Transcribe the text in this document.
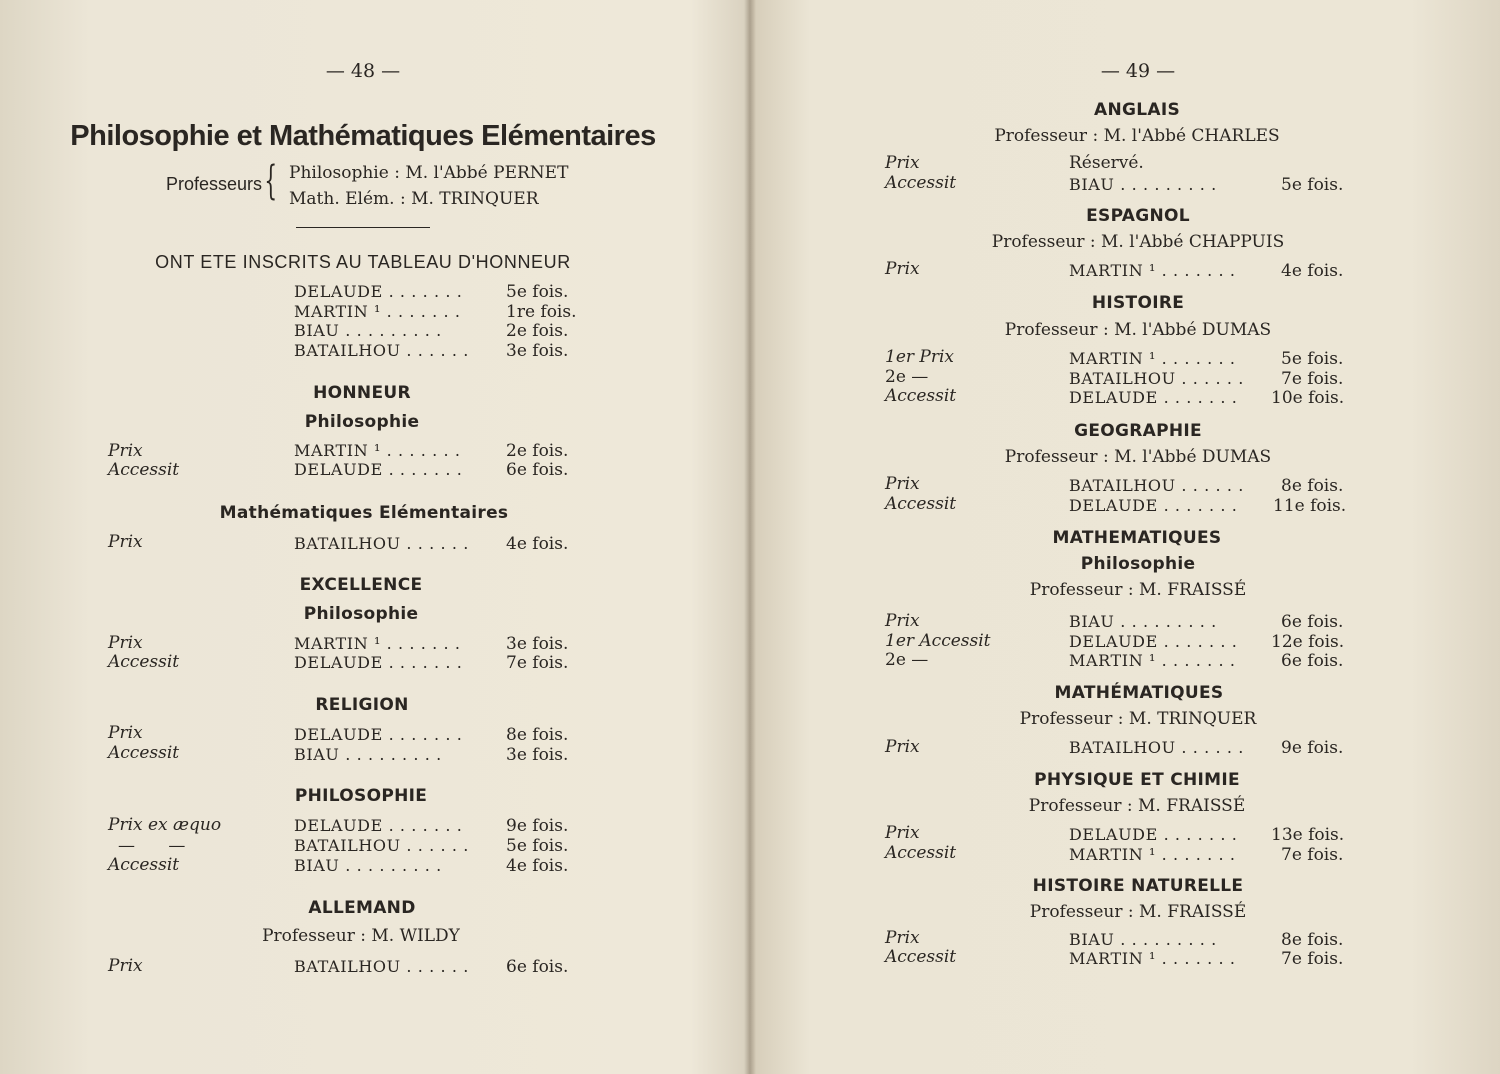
— 48 —
Philosophie et Mathématiques Elémentaires
Professeurs { Philosophie : M. l'Abbé PERNET
Math. Elém. : M. TRINQUER
ONT ETE INSCRITS AU TABLEAU D'HONNEUR
DELAUDE . . . . . . .	5e fois.
MARTIN ¹ . . . . . . .	1re fois.
BIAU . . . . . . . . .	2e fois.
BATAILHOU . . . . . . 3e fois.
HONNEUR
Philosophie
Prix	MARTIN ¹ . . . . . . .	2e fois.
Accessit	DELAUDE . . . . . . .	6e fois.
Mathématiques Elémentaires
Prix	BATAILHOU . . . . . . 4e fois.
EXCELLENCE
Philosophie
Prix	MARTIN ¹ . . . . . . .	3e fois.
Accessit	DELAUDE . . . . . . .	7e fois.
RELIGION
Prix	DELAUDE . . . . . . .	8e fois.
Accessit	BIAU . . . . . . . . .	3e fois.
PHILOSOPHIE
Prix ex æquo	DELAUDE . . . . . . .	9e fois.
— —	BATAILHOU . . . . . . 5e fois.
Accessit	BIAU . . . . . . . . .	4e fois.
ALLEMAND
Professeur : M. WILDY
Prix	BATAILHOU . . . . . . 6e fois.
— 49 —
ANGLAIS
Professeur : M. l'Abbé CHARLES
Prix	Réservé.
Accessit	BIAU . . . . . . . . .	5e fois.
ESPAGNOL
Professeur : M. l'Abbé CHAPPUIS
Prix	MARTIN ¹ . . . . . . .	4e fois.
HISTOIRE
Professeur : M. l'Abbé DUMAS
1er Prix	MARTIN ¹ . . . . . . .	5e fois.
2e —	BATAILHOU . . . . . . 7e fois.
Accessit	DELAUDE . . . . . . . 10e fois.
GEOGRAPHIE
Professeur : M. l'Abbé DUMAS
Prix	BATAILHOU . . . . . . 8e fois.
Accessit	DELAUDE . . . . . . . 11e fois.
MATHEMATIQUES
Philosophie
Professeur : M. FRAISSÉ
Prix	BIAU . . . . . . . . .	6e fois.
1er Accessit	DELAUDE . . . . . . . 12e fois.
2e —	MARTIN ¹ . . . . . . .	6e fois.
MATHÉMATIQUES
Professeur : M. TRINQUER
Prix	BATAILHOU . . . . . . 9e fois.
PHYSIQUE ET CHIMIE
Professeur : M. FRAISSÉ
Prix	DELAUDE . . . . . . . 13e fois.
Accessit	MARTIN ¹ . . . . . . .	7e fois.
HISTOIRE NATURELLE
Professeur : M. FRAISSÉ
Prix	BIAU . . . . . . . . .	8e fois.
Accessit	MARTIN ¹ . . . . . . .	7e fois.
